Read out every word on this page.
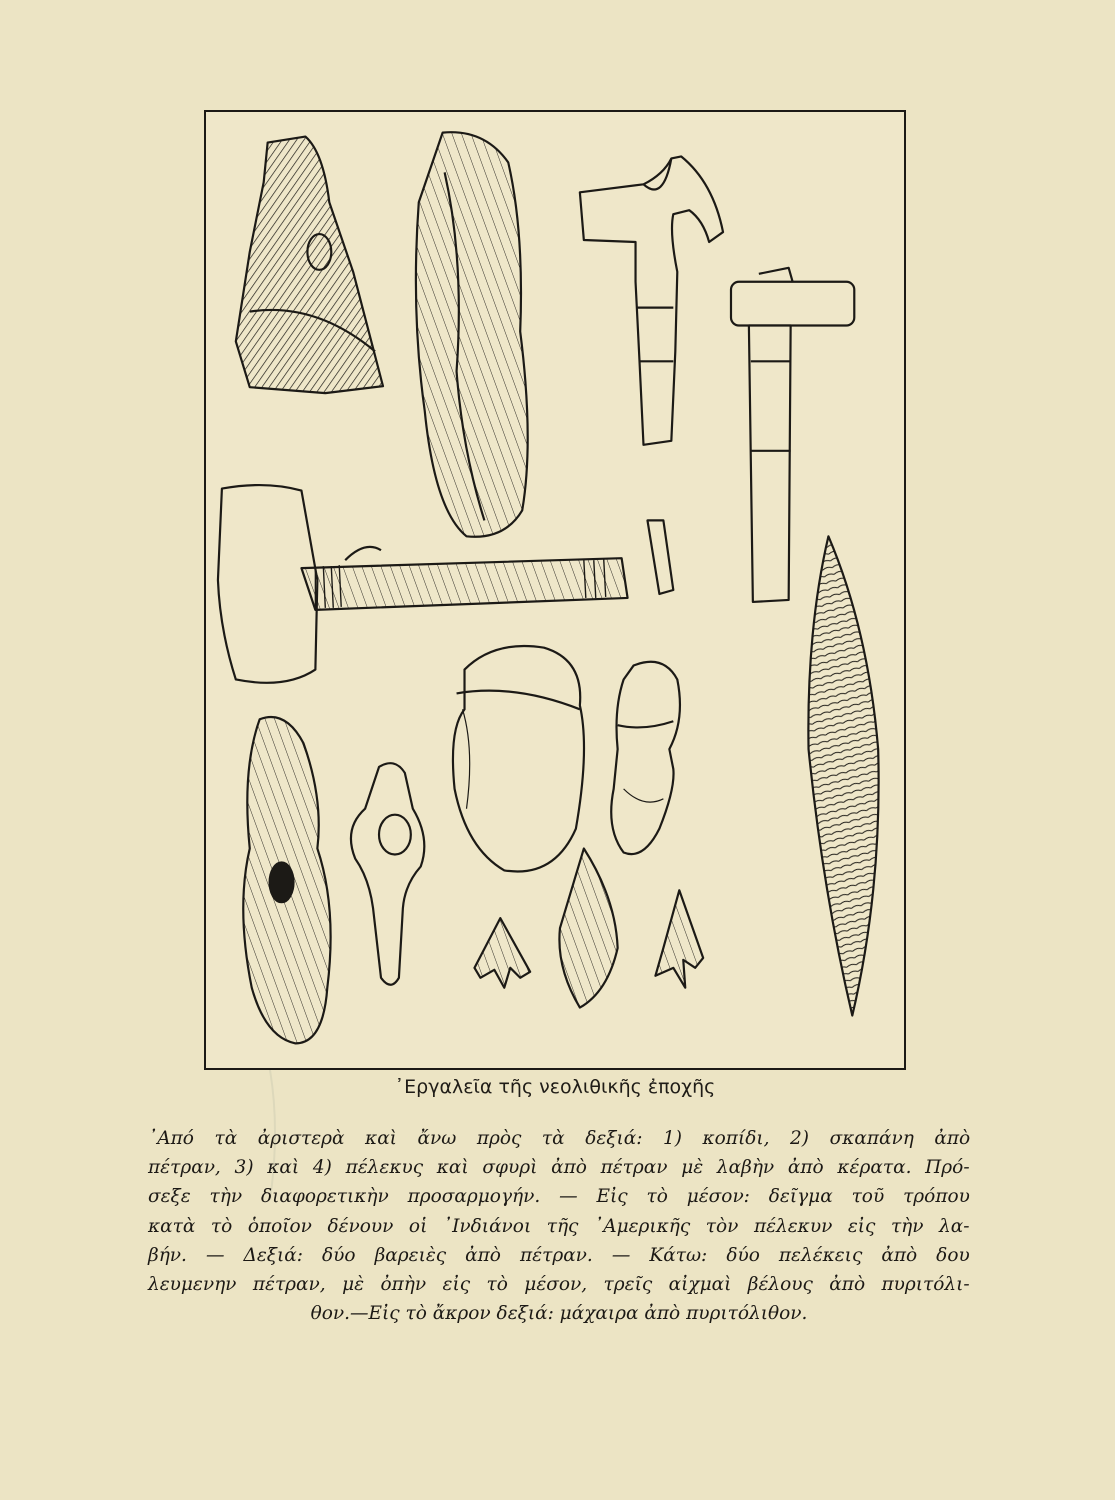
᾿Εργαλεῖα τῆς νεολιθικῆς ἐποχῆς
᾿Από τὰ ἀριστερὰ καὶ ἄνω πρὸς τὰ δεξιά: 1) κοπίδι, 2) σκαπάνη ἀπὸ
πέτραν, 3) καὶ 4) πέλεκυς καὶ σφυρὶ ἀπὸ πέτραν μὲ λαβὴν ἀπὸ κέρατα. Πρό-
σεξε τὴν διαφορετικὴν προσαρμογήν. — Εἰς τὸ μέσον: δεῖγμα τοῦ τρόπου
κατὰ τὸ ὁποῖον δένουν οἱ ᾿Ινδιάνοι τῆς ᾿Αμερικῆς τὸν πέλεκυν εἰς τὴν λα-
βήν. — Δεξιά: δύο βαρειὲς ἀπὸ πέτραν. — Κάτω: δύο πελέκεις ἀπὸ δου
λευμενην πέτραν, μὲ ὀπὴν εἰς τὸ μέσον, τρεῖς αἰχμαὶ βέλους ἀπὸ πυριτόλι-
θον.—Εἰς τὸ ἄκρον δεξιά: μάχαιρα ἀπὸ πυριτόλιθον.
